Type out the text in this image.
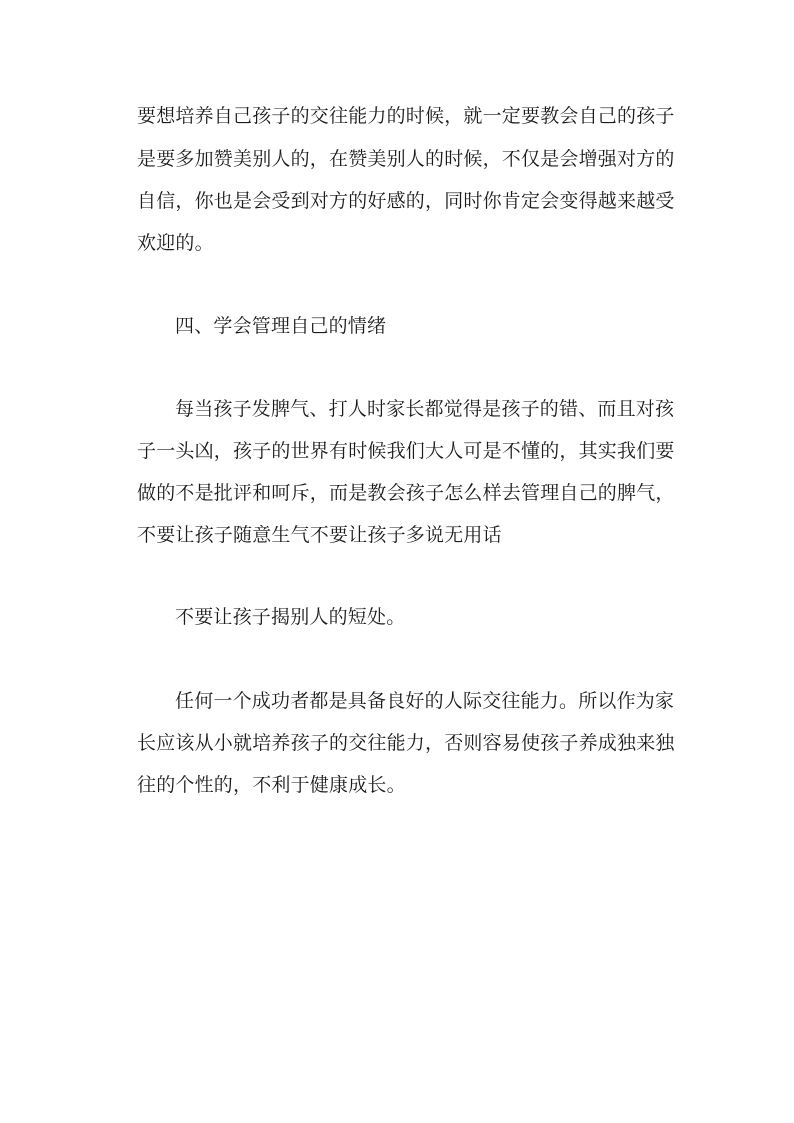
要想培养自己孩子的交往能力的时候，就一定要教会自己的孩子
是要多加赞美别人的，在赞美别人的时候，不仅是会增强对方的
自信，你也是会受到对方的好感的，同时你肯定会变得越来越受
欢迎的。
四、学会管理自己的情绪
每当孩子发脾气、打人时家长都觉得是孩子的错、而且对孩
子一头凶，孩子的世界有时候我们大人可是不懂的，其实我们要
做的不是批评和呵斥，而是教会孩子怎么样去管理自己的脾气，
不要让孩子随意生气不要让孩子多说无用话
不要让孩子揭别人的短处。
任何一个成功者都是具备良好的人际交往能力。所以作为家
长应该从小就培养孩子的交往能力，否则容易使孩子养成独来独
往的个性的，不利于健康成长。
